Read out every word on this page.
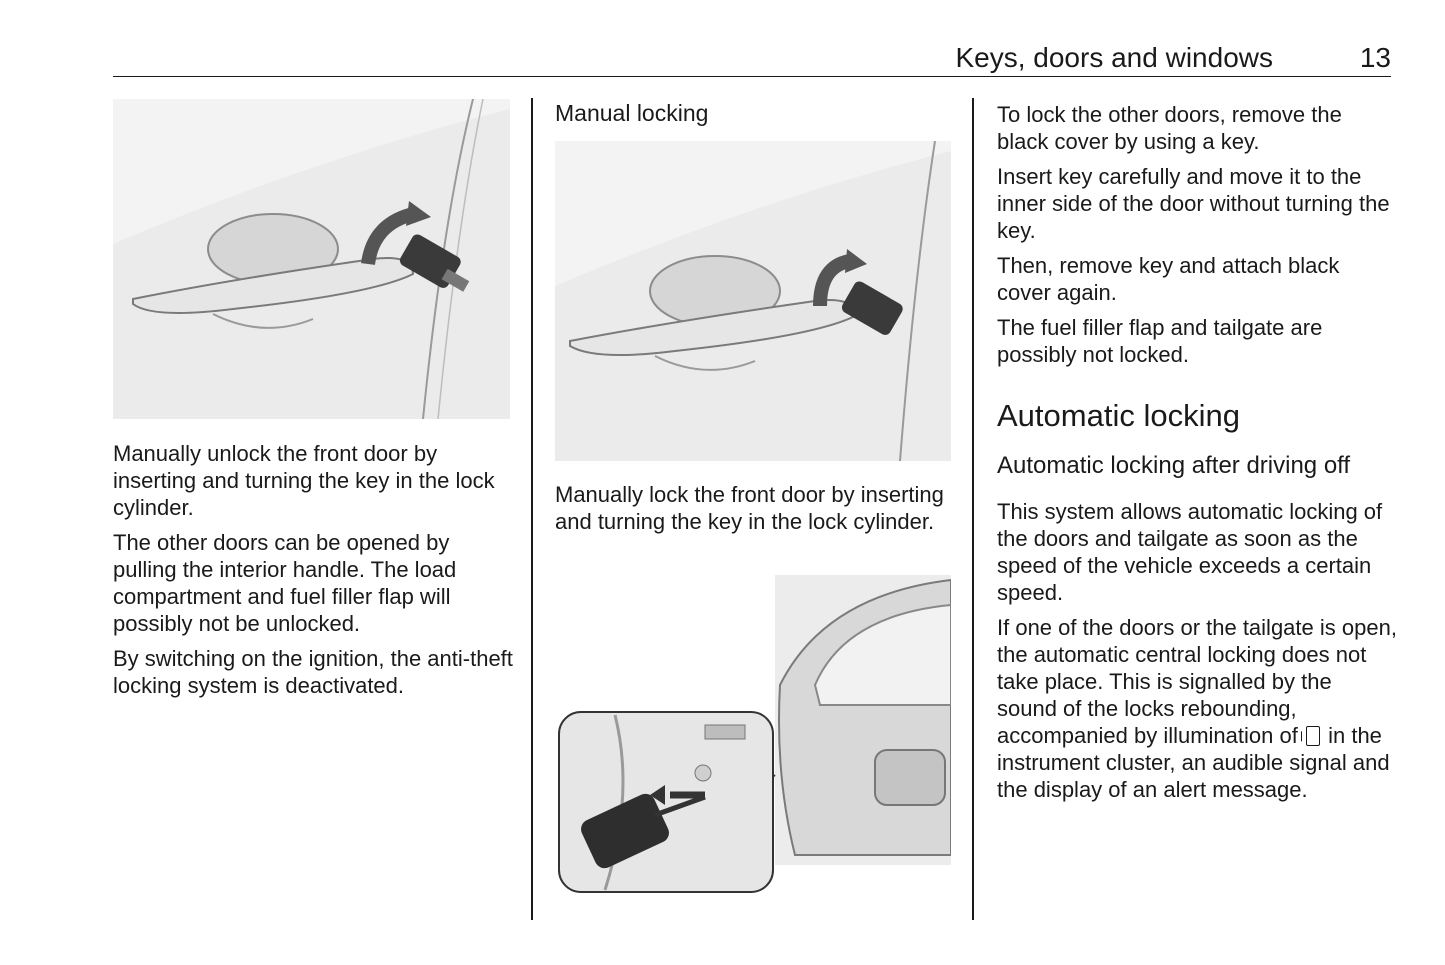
Keys, doors and windows	13

Manually unlock the front door by inserting and turning the key in the lock cylinder.

The other doors can be opened by pulling the interior handle. The load compartment and fuel filler flap will possibly not be unlocked.

By switching on the ignition, the anti-theft locking system is deactivated.

Manual locking

Manually lock the front door by inserting and turning the key in the lock cylinder.

To lock the other doors, remove the black cover by using a key.

Insert key carefully and move it to the inner side of the door without turning the key.

Then, remove key and attach black cover again.

The fuel filler flap and tailgate are possibly not locked.

Automatic locking
Automatic locking after driving off

This system allows automatic locking of the doors and tailgate as soon as the speed of the vehicle exceeds a certain speed.

If one of the doors or the tailgate is open, the automatic central locking does not take place. This is signalled by the sound of the locks rebounding, accompanied by illumination of in the instrument cluster, an audible signal and the display of an alert message.
